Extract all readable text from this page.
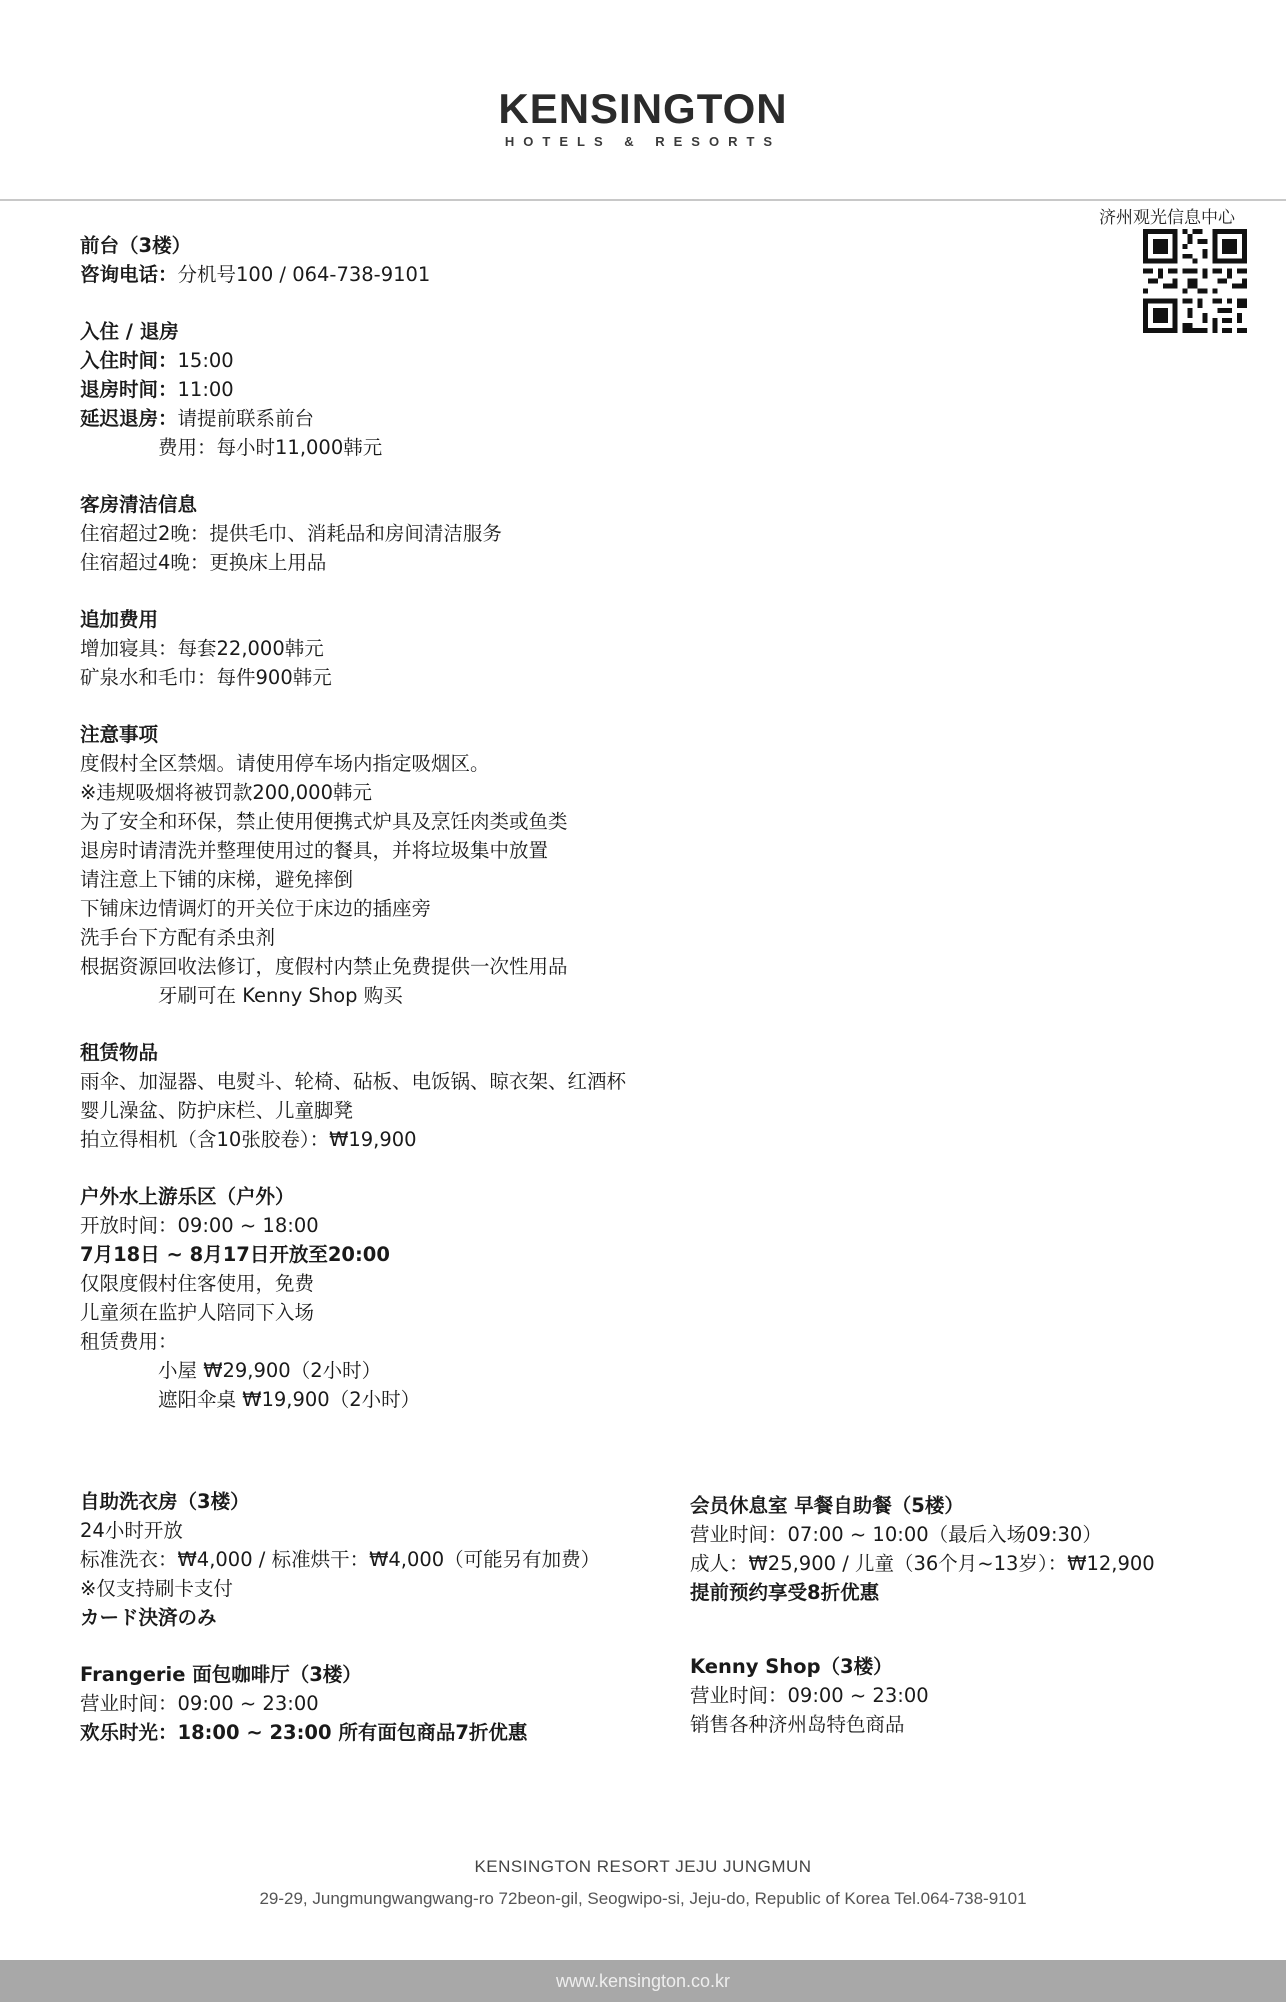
KENSINGTON
HOTELS & RESORTS
济州观光信息中心
前台（3楼）
咨询电话：分机号100 / 064-738-9101
入住 / 退房
入住时间：15:00
退房时间：11:00
延迟退房：请提前联系前台
费用：每小时11,000韩元
客房清洁信息
住宿超过2晚：提供毛巾、消耗品和房间清洁服务
住宿超过4晚：更换床上用品
追加费用
增加寝具：每套22,000韩元
矿泉水和毛巾：每件900韩元
注意事项
度假村全区禁烟。请使用停车场内指定吸烟区。
※违规吸烟将被罚款200,000韩元
为了安全和环保，禁止使用便携式炉具及烹饪肉类或鱼类
退房时请清洗并整理使用过的餐具，并将垃圾集中放置
请注意上下铺的床梯，避免摔倒
下铺床边情调灯的开关位于床边的插座旁
洗手台下方配有杀虫剂
根据资源回收法修订，度假村内禁止免费提供一次性用品
牙刷可在 Kenny Shop 购买
租赁物品
雨伞、加湿器、电熨斗、轮椅、砧板、电饭锅、晾衣架、红酒杯
婴儿澡盆、防护床栏、儿童脚凳
拍立得相机（含10张胶卷）：₩19,900
户外水上游乐区（户外）
开放时间：09:00 ~ 18:00
7月18日 ~ 8月17日开放至20:00
仅限度假村住客使用，免费
儿童须在监护人陪同下入场
租赁费用：
小屋 ₩29,900（2小时）
遮阳伞桌 ₩19,900（2小时）
自助洗衣房（3楼）
24小时开放
标准洗衣：₩4,000 / 标准烘干：₩4,000（可能另有加费）
※仅支持刷卡支付
カード決済のみ
Frangerie 面包咖啡厅（3楼）
营业时间：09:00 ~ 23:00
欢乐时光：18:00 ~ 23:00 所有面包商品7折优惠
会员休息室 早餐自助餐（5楼）
营业时间：07:00 ~ 10:00（最后入场09:30）
成人：₩25,900 / 儿童（36个月~13岁）：₩12,900
提前预约享受8折优惠
Kenny Shop（3楼）
营业时间：09:00 ~ 23:00
销售各种济州岛特色商品
KENSINGTON RESORT JEJU JUNGMUN
29-29, Jungmungwangwang-ro 72beon-gil, Seogwipo-si, Jeju-do, Republic of Korea Tel.064-738-9101
www.kensington.co.kr
